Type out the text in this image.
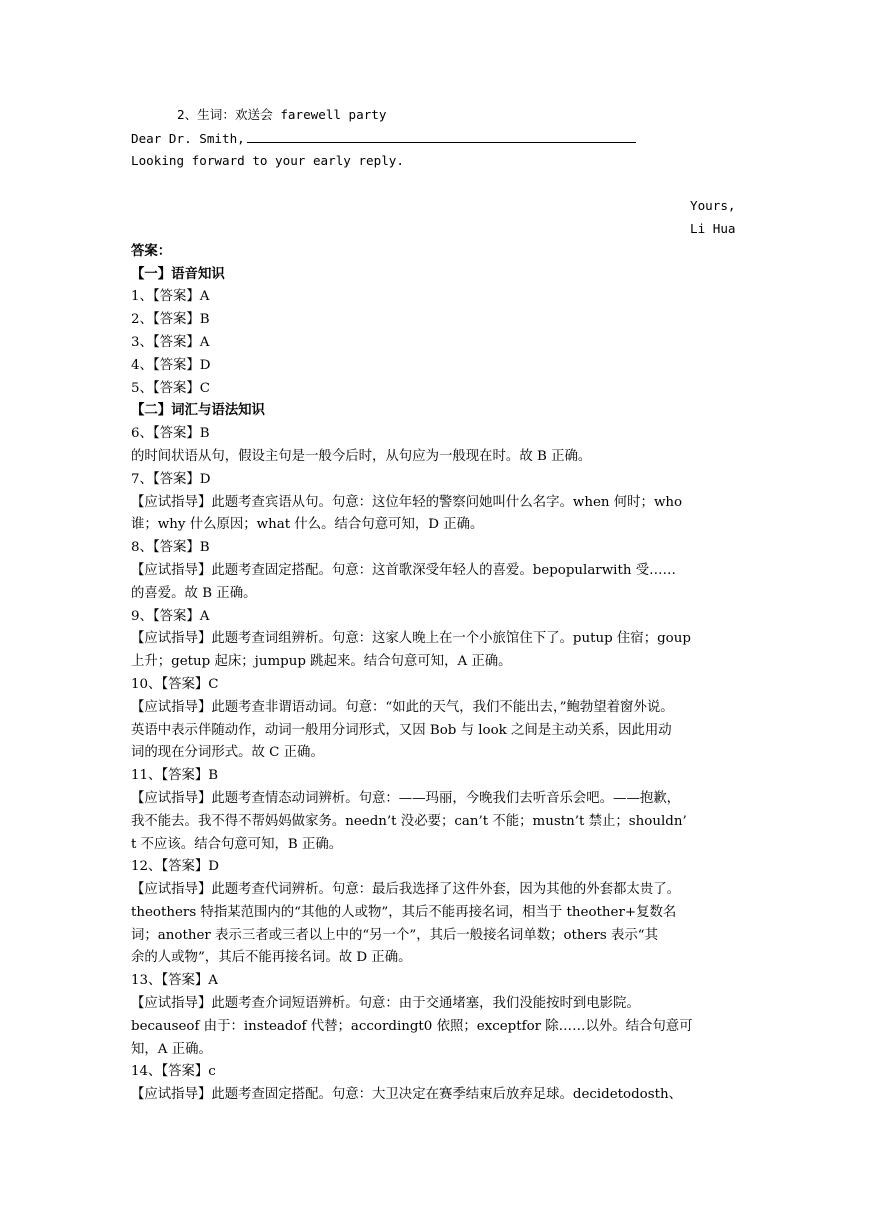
2、生词：欢送会 farewell party
Dear Dr. Smith,
Looking forward to your early reply.
Yours,
Li Hua
答案：
【一】语音知识
1、【答案】A
2、【答案】B
3、【答案】A
4、【答案】D
5、【答案】C
【二】词汇与语法知识
6、【答案】B
的时间状语从句，假设主句是一般今后时，从句应为一般现在时。故 B 正确。
7、【答案】D
【应试指导】此题考查宾语从句。句意：这位年轻的警察问她叫什么名字。when 何时；who
谁；why 什么原因；what 什么。结合句意可知，D 正确。
8、【答案】B
【应试指导】此题考查固定搭配。句意：这首歌深受年轻人的喜爱。bepopularwith 受……
的喜爱。故 B 正确。
9、【答案】A
【应试指导】此题考查词组辨析。句意：这家人晚上在一个小旅馆住下了。putup 住宿；goup
上升；getup 起床；jumpup 跳起来。结合句意可知，A 正确。
10、【答案】C
【应试指导】此题考查非谓语动词。句意：“如此的天气，我们不能出去，”鲍勃望着窗外说。
英语中表示伴随动作，动词一般用分词形式，又因 Bob 与 look 之间是主动关系，因此用动
词的现在分词形式。故 C 正确。
11、【答案】B
【应试指导】此题考查情态动词辨析。句意：——玛丽，今晚我们去听音乐会吧。——抱歉，
我不能去。我不得不帮妈妈做家务。needn’t 没必要；can’t 不能；mustn’t 禁止；shouldn’
t 不应该。结合句意可知，B 正确。
12、【答案】D
【应试指导】此题考查代词辨析。句意：最后我选择了这件外套，因为其他的外套都太贵了。
theothers 特指某范围内的“其他的人或物”，其后不能再接名词，相当于 theother+复数名
词；another 表示三者或三者以上中的“另一个”，其后一般接名词单数；others 表示“其
余的人或物”，其后不能再接名词。故 D 正确。
13、【答案】A
【应试指导】此题考查介词短语辨析。句意：由于交通堵塞，我们没能按时到电影院。
becauseof 由于：insteadof 代替；accordingt0 依照；exceptfor 除……以外。结合句意可
知，A 正确。
14、【答案】c
【应试指导】此题考查固定搭配。句意：大卫决定在赛季结束后放弃足球。decidetodosth、
